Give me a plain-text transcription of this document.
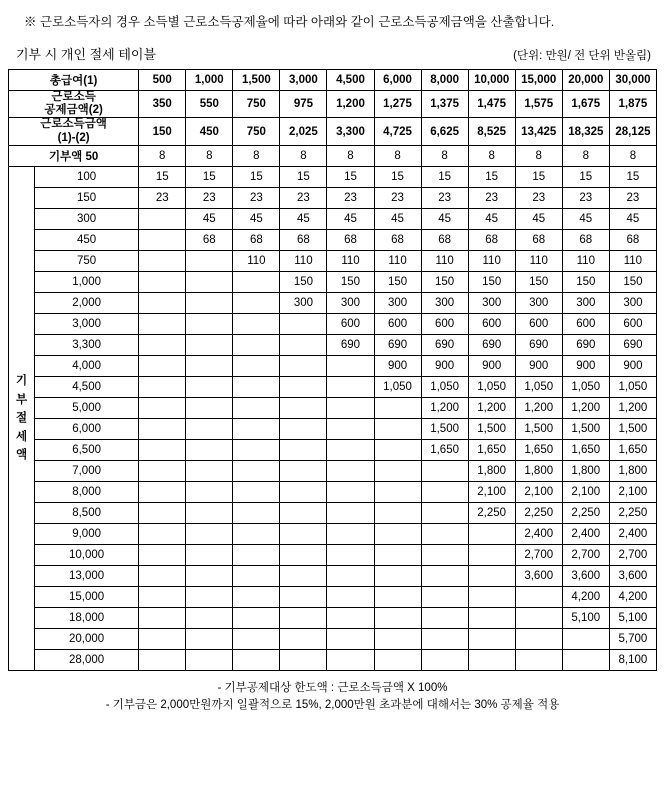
※ 근로소득자의 경우 소득별 근로소득공제율에 따라 아래와 같이 근로소득공제금액을 산출합니다.
기부 시 개인 절세 테이블	(단위: 만원/ 전 단위 반올림)
총급여(1)		500	1,000	1,500	3,000	4,500	6,000	8,000	10,000	15,000	20,000	30,000

근로소득
공제금액(2)		350	550	750	975	1,200	1,275	1,375	1,475	1,575	1,675	1,875

근로소득금액
(1)-(2)		150	450	750	2,025	3,300	4,725	6,625	8,525	13,425	18,325	28,125
기부액 50		8	8	8	8	8	8	8	8	8	8	8

기
부
절
세
액	100	15	15	15	15	15	15	15	15	15	15	15
	150	23	23	23	23	23	23	23	23	23	23	23
	300		45	45	45	45	45	45	45	45	45	45
	450		68	68	68	68	68	68	68	68	68	68
	750			110	110	110	110	110	110	110	110	110
	1,000				150	150	150	150	150	150	150	150
	2,000				300	300	300	300	300	300	300	300
	3,000					600	600	600	600	600	600	600
	3,300					690	690	690	690	690	690	690
	4,000						900	900	900	900	900	900
	4,500						1,050	1,050	1,050	1,050	1,050	1,050
	5,000							1,200	1,200	1,200	1,200	1,200
	6,000							1,500	1,500	1,500	1,500	1,500
	6,500							1,650	1,650	1,650	1,650	1,650
	7,000								1,800	1,800	1,800	1,800
	8,000								2,100	2,100	2,100	2,100
	8,500								2,250	2,250	2,250	2,250
	9,000									2,400	2,400	2,400
	10,000									2,700	2,700	2,700
	13,000									3,600	3,600	3,600
	15,000										4,200	4,200
	18,000										5,100	5,100
	20,000											5,700
	28,000											8,100
- 기부공제대상 한도액 : 근로소득금액 X 100%
- 기부금은 2,000만원까지 일괄적으로 15%, 2,000만원 초과분에 대해서는 30% 공제율 적용
